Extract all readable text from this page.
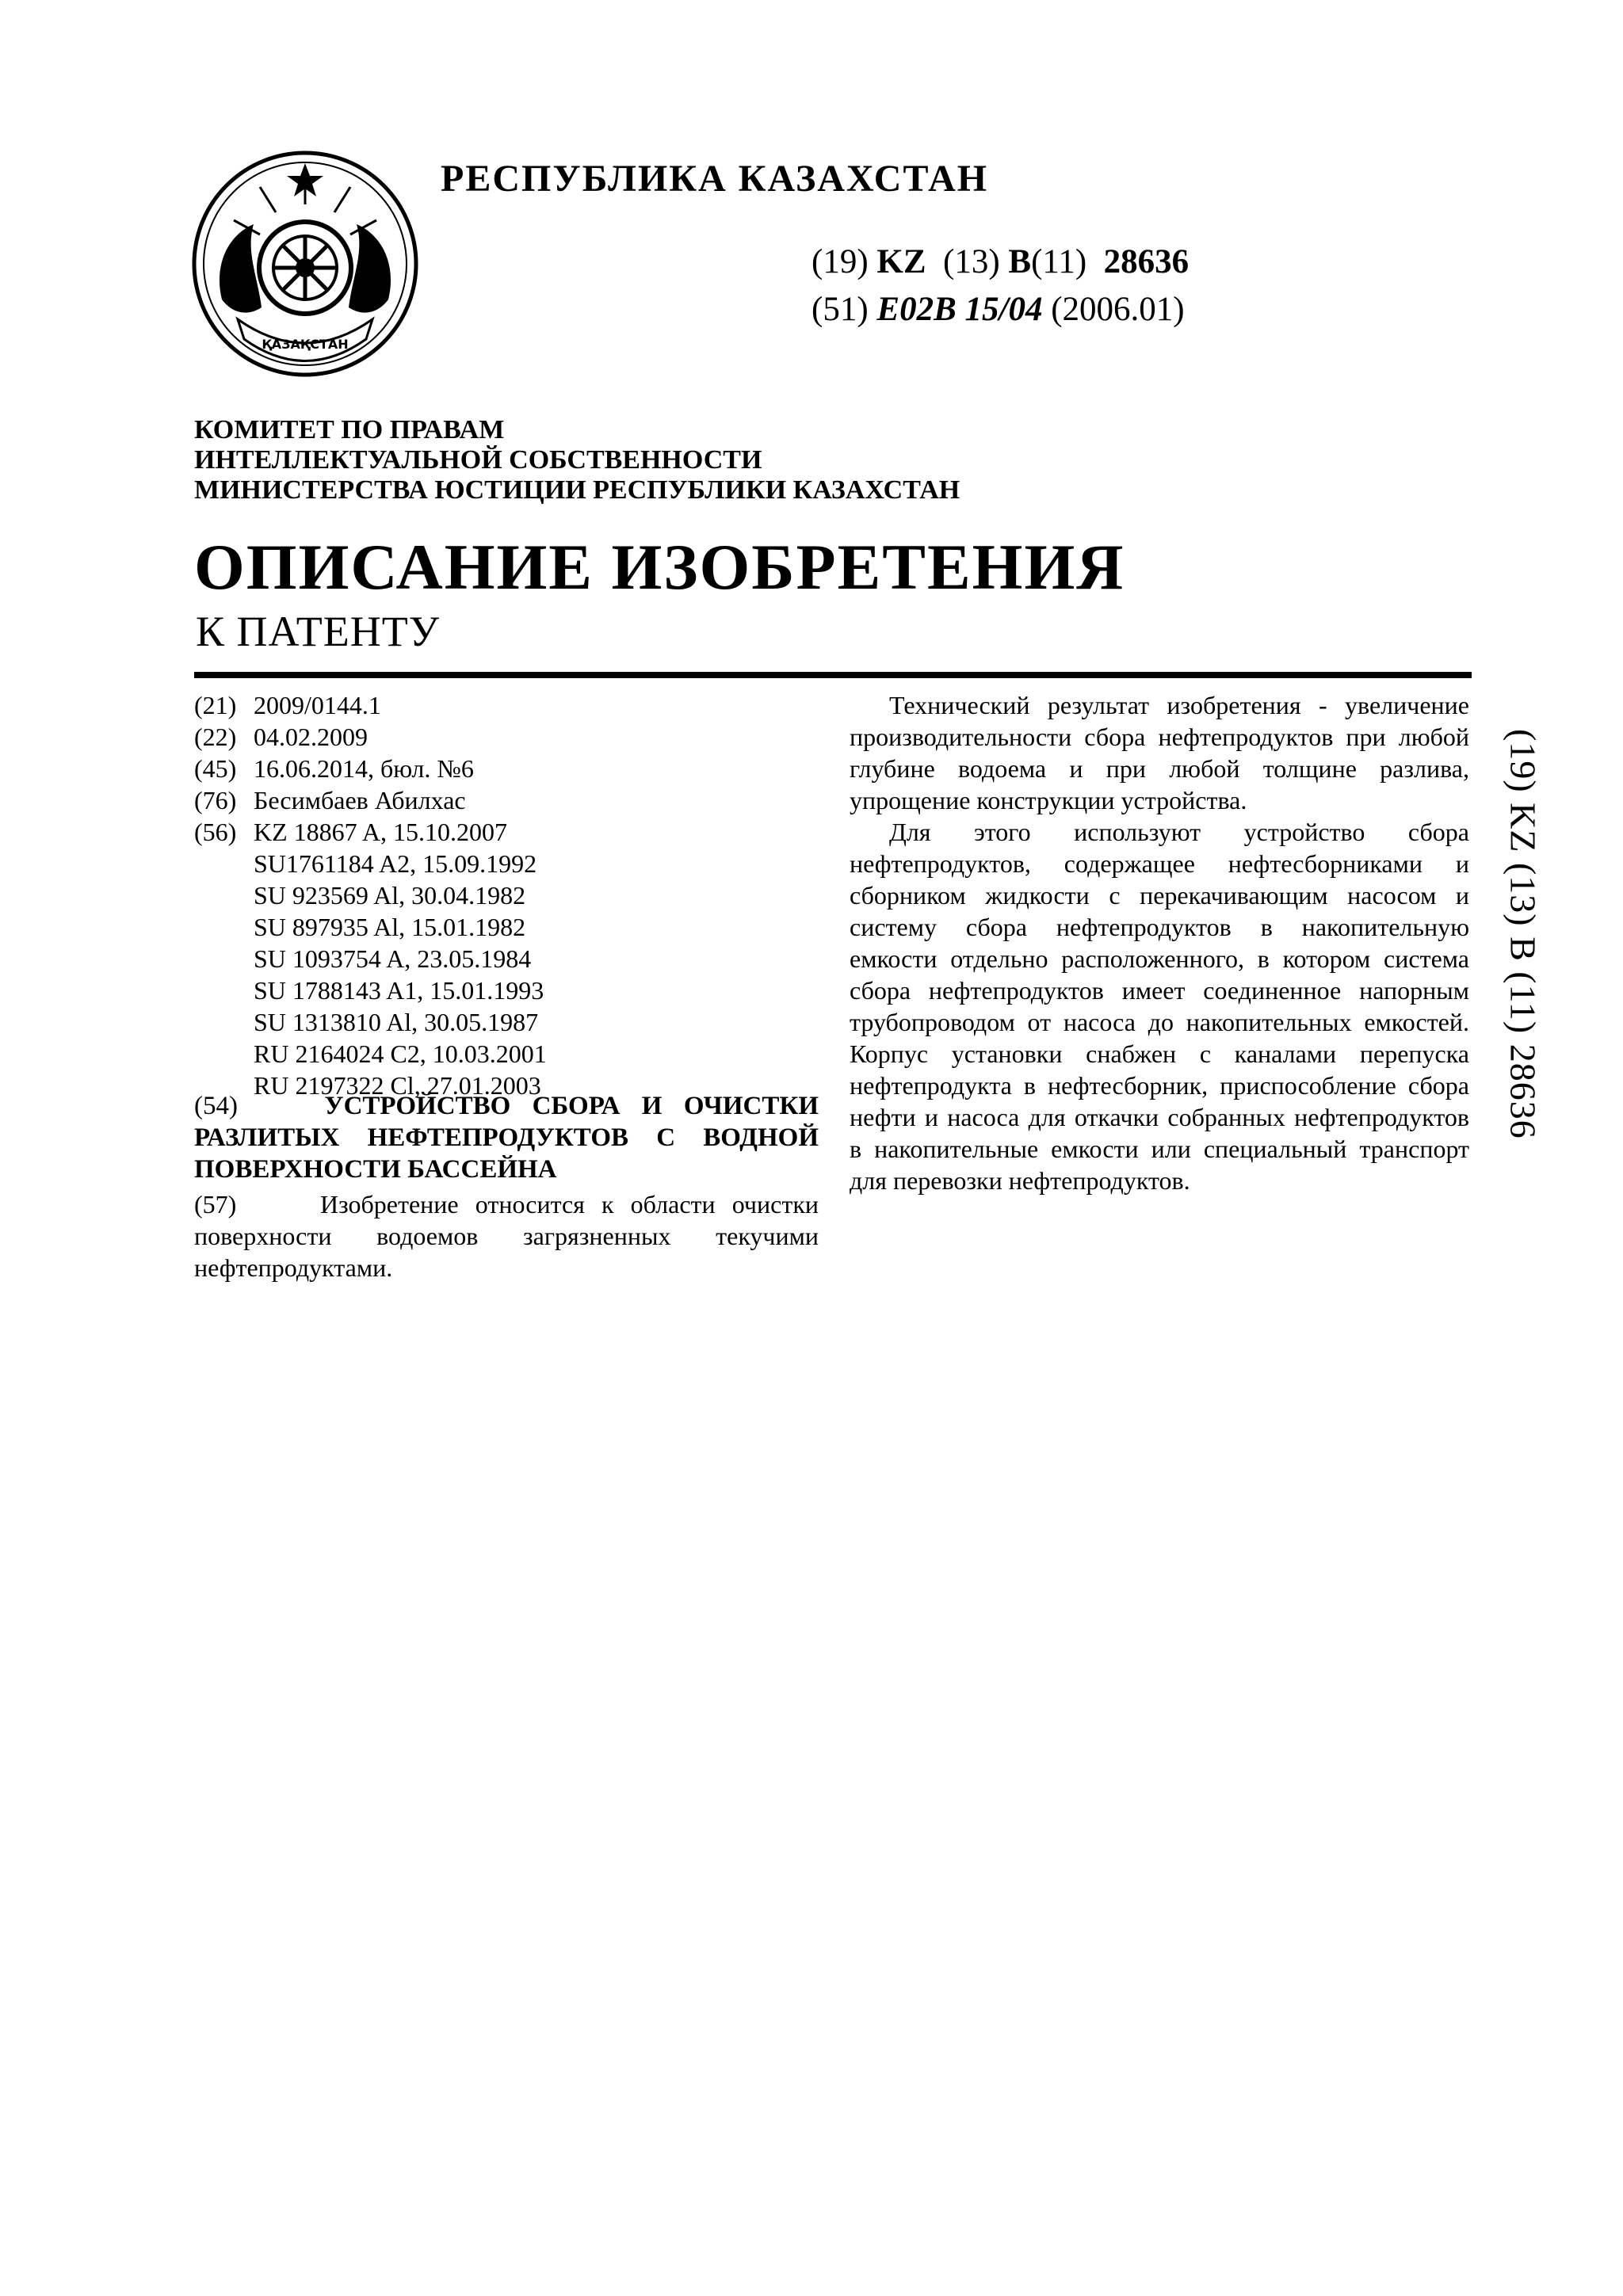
ҚАЗАҚСТАН
РЕСПУБЛИКА КАЗАХСТАН
(19) KZ (13) B(11) 28636
(51) E02B 15/04 (2006.01)
КОМИТЕТ ПО ПРАВАМ
ИНТЕЛЛЕКТУАЛЬНОЙ СОБСТВЕННОСТИ
МИНИСТЕРСТВА ЮСТИЦИИ РЕСПУБЛИКИ КАЗАХСТАН
ОПИСАНИЕ ИЗОБРЕТЕНИЯ
К ПАТЕНТУ
(21) 2009/0144.1
(22) 04.02.2009
(45) 16.06.2014, бюл. №6
(76) Бесимбаев Абилхас
(56) KZ 18867 A, 15.10.2007
SU1761184 A2, 15.09.1992
SU 923569 Al, 30.04.1982
SU 897935 Al, 15.01.1982
SU 1093754 A, 23.05.1984
SU 1788143 A1, 15.01.1993
SU 1313810 Al, 30.05.1987
RU 2164024 C2, 10.03.2001
RU 2197322 Cl, 27.01.2003
(54)	УСТРОЙСТВО СБОРА И ОЧИСТКИ РАЗЛИТЫХ НЕФТЕПРОДУКТОВ С ВОДНОЙ
ПОВЕРХНОСТИ БАССЕЙНА
(57)	Изобретение относится к области очистки поверхности водоемов загрязненных текучими нефтепродуктами.

Технический результат изобретения - увеличение производительности сбора нефтепродуктов при любой глубине водоема и при любой толщине разлива, упрощение конструкции устройства.

Для этого используют устройство сбора нефтепродуктов, содержащее нефтесборниками и сборником жидкости с перекачивающим насосом и систему сбора нефтепродуктов в накопительную емкости отдельно расположенного, в котором система сбора нефтепродуктов имеет соединенное напорным трубопроводом от насоса до накопительных емкостей. Корпус установки снабжен с каналами перепуска нефтепродукта в нефтесборник, приспособление сбора нефти и насоса для откачки собранных нефтепродуктов в накопительные емкости или специальный транспорт для перевозки нефтепродуктов.

(19) KZ (13) B (11) 28636
